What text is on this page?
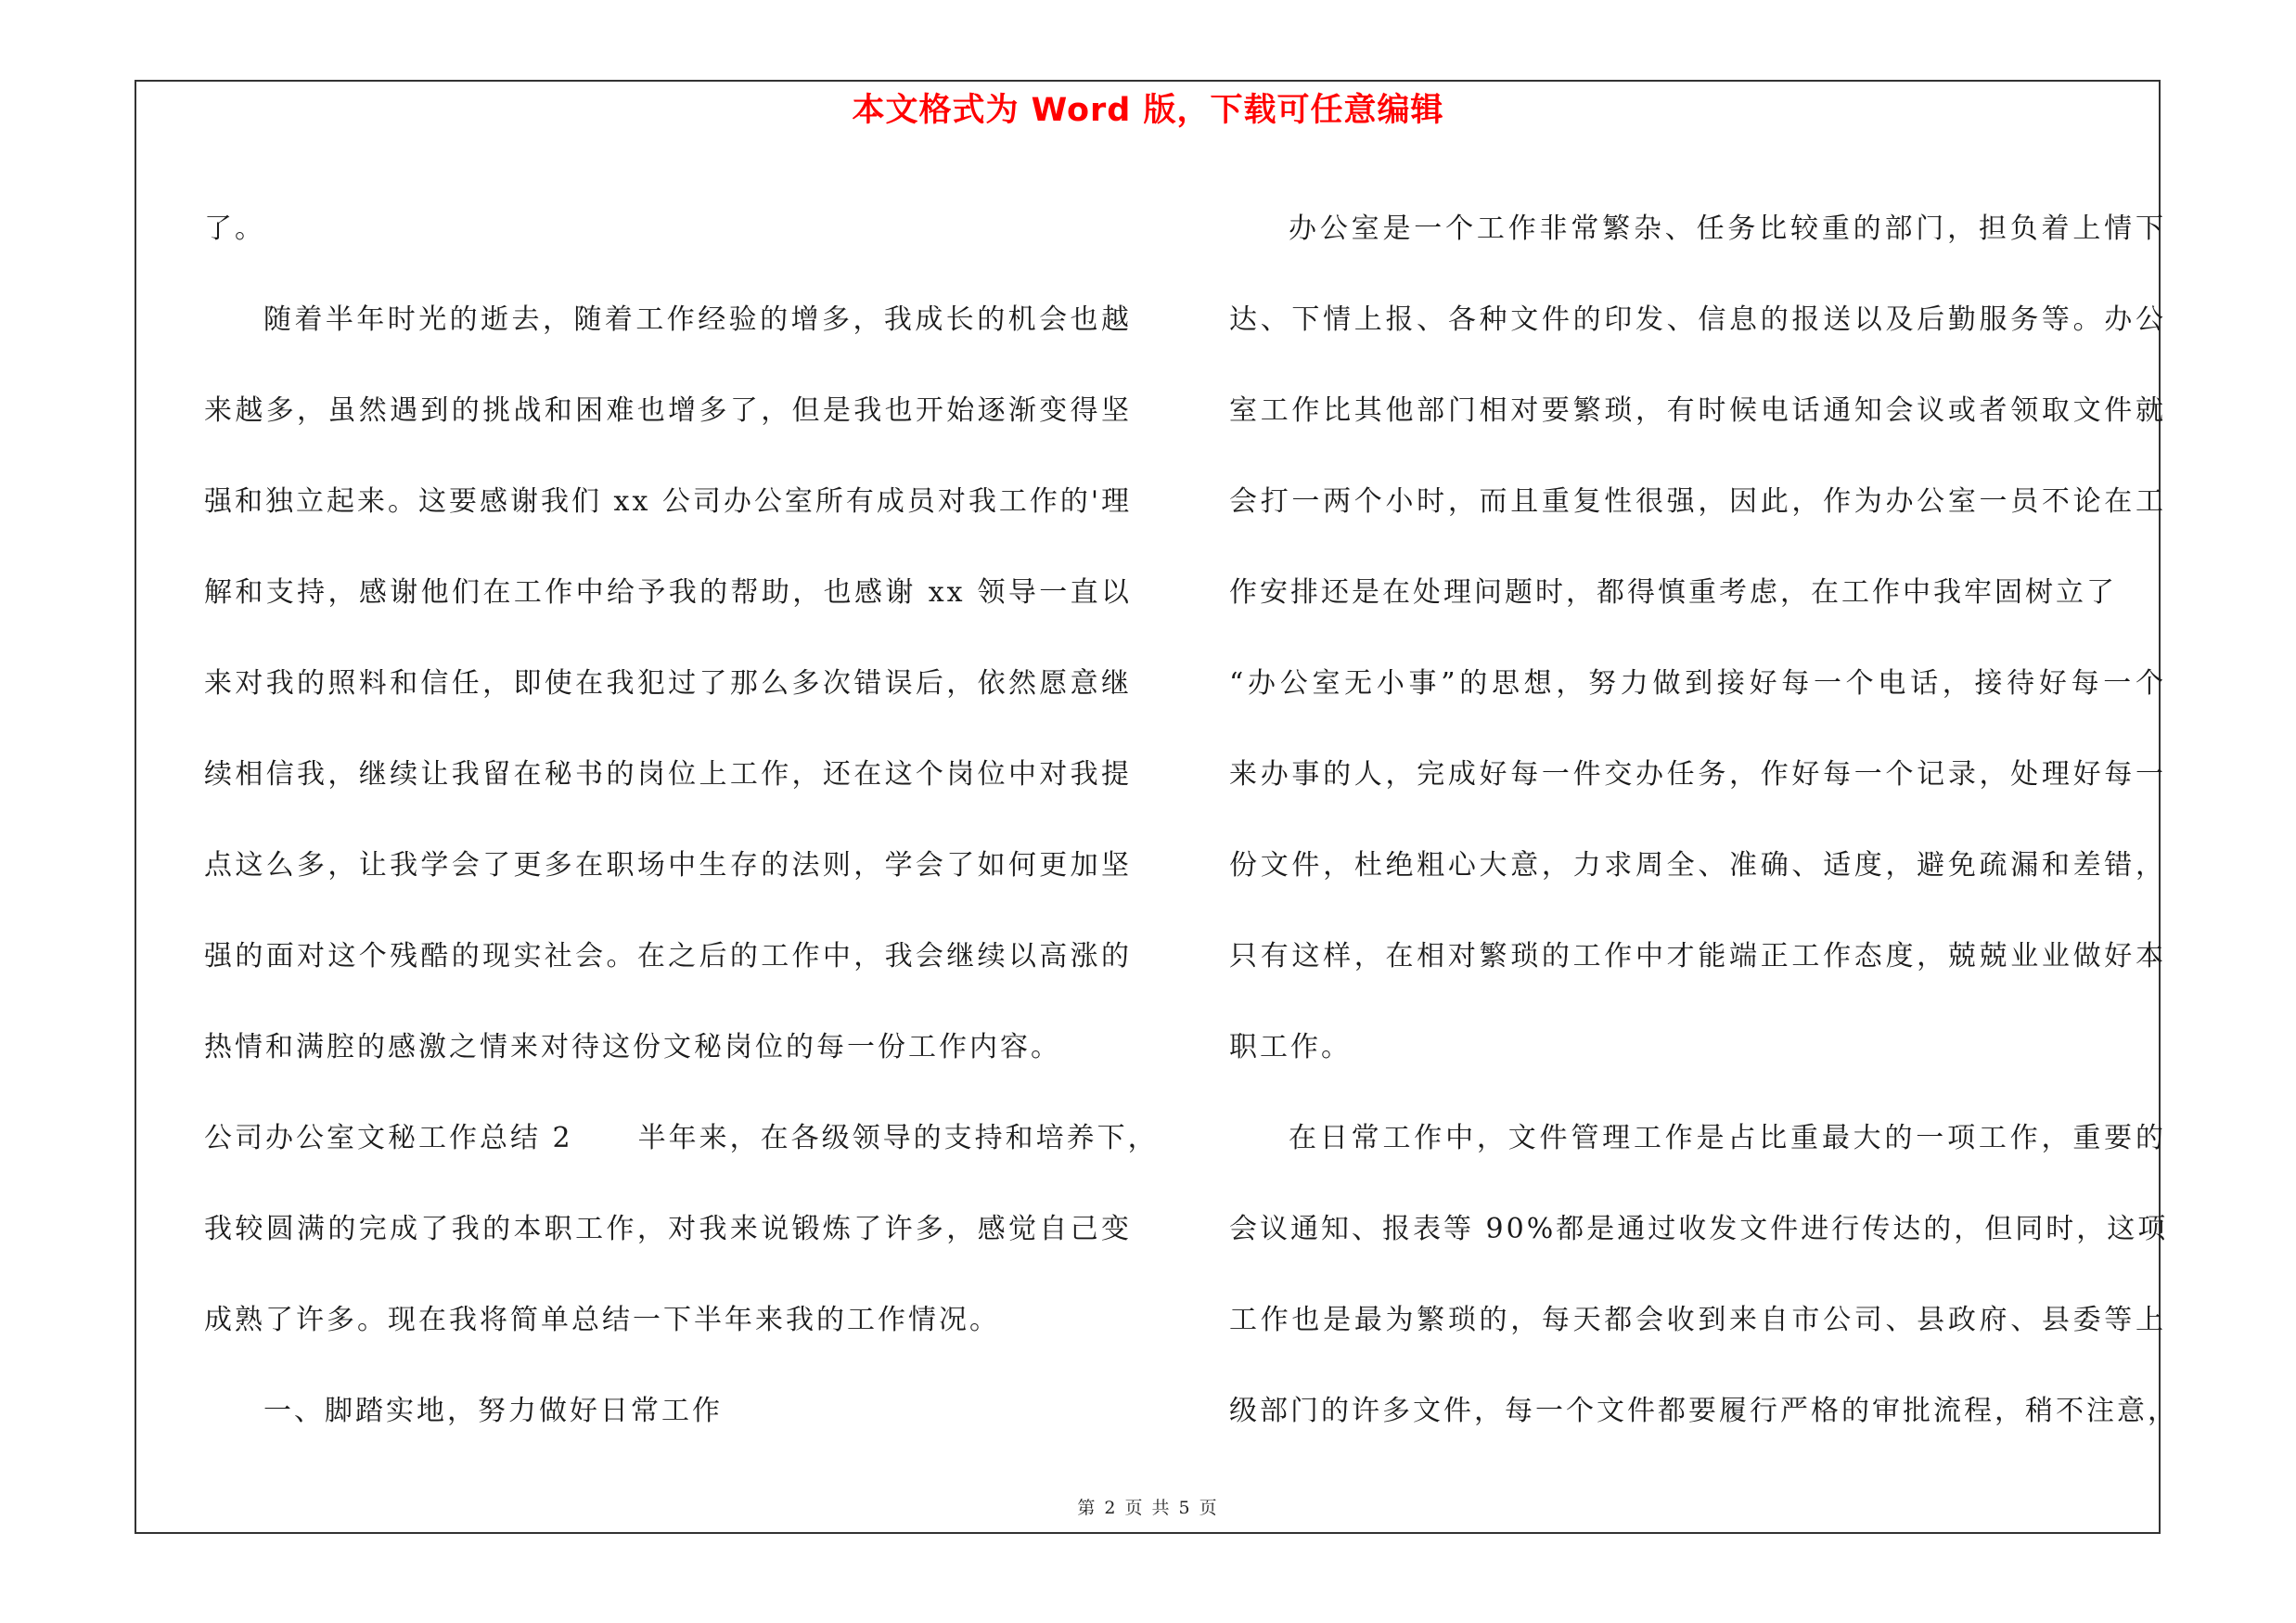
本文格式为 Word 版，下载可任意编辑
了。
随着半年时光的逝去，随着工作经验的增多，我成长的机会也越
来越多，虽然遇到的挑战和困难也增多了，但是我也开始逐渐变得坚
强和独立起来。这要感谢我们 xx 公司办公室所有成员对我工作的'理
解和支持，感谢他们在工作中给予我的帮助，也感谢 xx 领导一直以
来对我的照料和信任，即使在我犯过了那么多次错误后，依然愿意继
续相信我，继续让我留在秘书的岗位上工作，还在这个岗位中对我提
点这么多，让我学会了更多在职场中生存的法则，学会了如何更加坚
强的面对这个残酷的现实社会。在之后的工作中，我会继续以高涨的
热情和满腔的感激之情来对待这份文秘岗位的每一份工作内容。
公司办公室文秘工作总结 2 半年来，在各级领导的支持和培养下，
我较圆满的完成了我的本职工作，对我来说锻炼了许多，感觉自己变
成熟了许多。现在我将简单总结一下半年来我的工作情况。
一、脚踏实地，努力做好日常工作
办公室是一个工作非常繁杂、任务比较重的部门，担负着上情下
达、下情上报、各种文件的印发、信息的报送以及后勤服务等。办公
室工作比其他部门相对要繁琐，有时候电话通知会议或者领取文件就
会打一两个小时，而且重复性很强，因此，作为办公室一员不论在工
作安排还是在处理问题时，都得慎重考虑，在工作中我牢固树立了
“办公室无小事”的思想，努力做到接好每一个电话，接待好每一个
来办事的人，完成好每一件交办任务，作好每一个记录，处理好每一
份文件，杜绝粗心大意，力求周全、准确、适度，避免疏漏和差错，
只有这样，在相对繁琐的工作中才能端正工作态度，兢兢业业做好本
职工作。
在日常工作中，文件管理工作是占比重最大的一项工作，重要的
会议通知、报表等 90%都是通过收发文件进行传达的，但同时，这项
工作也是最为繁琐的，每天都会收到来自市公司、县政府、县委等上
级部门的许多文件，每一个文件都要履行严格的审批流程，稍不注意，
第 2 页 共 5 页
